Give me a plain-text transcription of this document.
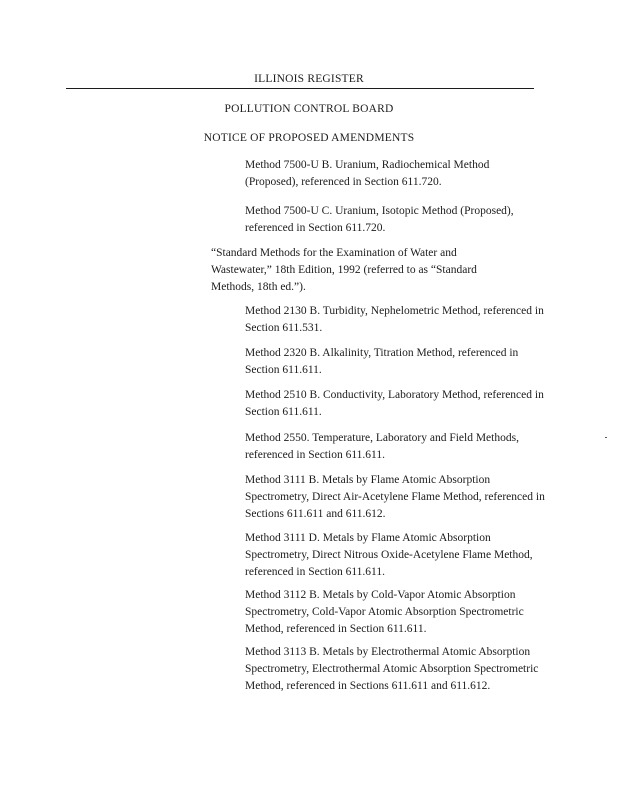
ILLINOIS REGISTER
POLLUTION CONTROL BOARD
NOTICE OF PROPOSED AMENDMENTS

Method 7500-U B. Uranium, Radiochemical Method (Proposed), referenced in Section 611.720.

Method 7500-U C. Uranium, Isotopic Method (Proposed), referenced in Section 611.720.

“Standard Methods for the Examination of Water and Wastewater,” 18th Edition, 1992 (referred to as “Standard Methods, 18th ed.”).

Method 2130 B. Turbidity, Nephelometric Method, referenced in Section 611.531.

Method 2320 B. Alkalinity, Titration Method, referenced in Section 611.611.

Method 2510 B. Conductivity, Laboratory Method, referenced in Section 611.611.

Method 2550. Temperature, Laboratory and Field Methods, referenced in Section 611.611.

Method 3111 B. Metals by Flame Atomic Absorption Spectrometry, Direct Air-Acetylene Flame Method, referenced in Sections 611.611 and 611.612.

Method 3111 D. Metals by Flame Atomic Absorption Spectrometry, Direct Nitrous Oxide-Acetylene Flame Method, referenced in Section 611.611.

Method 3112 B. Metals by Cold-Vapor Atomic Absorption Spectrometry, Cold-Vapor Atomic Absorption Spectrometric Method, referenced in Section 611.611.

Method 3113 B. Metals by Electrothermal Atomic Absorption Spectrometry, Electrothermal Atomic Absorption Spectrometric Method, referenced in Sections 611.611 and 611.612.
